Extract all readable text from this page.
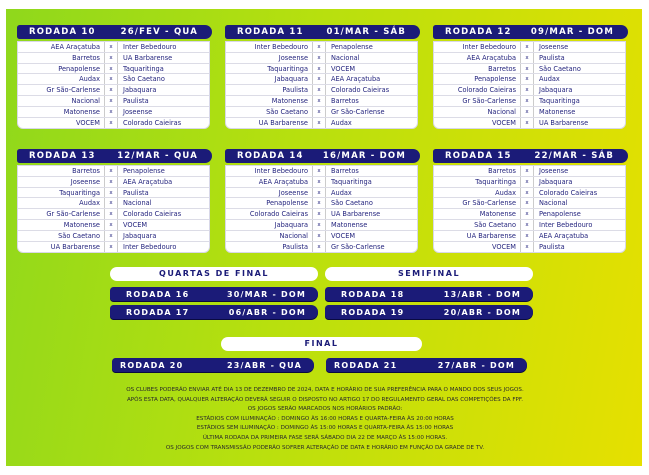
RODADA 10	26/FEV - QUA
AEA Araçatuba	x	Inter Bebedouro
Barretos	x	UA Barbarense
Penapolense	x	Taquaritinga
Audax	x	São Caetano
Gr São-Carlense	x	Jabaquara
Nacional	x	Paulista
Matonense	x	Joseense
VOCEM	x	Colorado Caieiras
RODADA 11	01/MAR - SÁB
Inter Bebedouro	x	Penapolense
Joseense	x	Nacional
Taquaritinga	x	VOCEM
Jabaquara	x	AEA Araçatuba
Paulista	x	Colorado Caieiras
Matonense	x	Barretos
São Caetano	x	Gr São-Carlense
UA Barbarense	x	Audax
RODADA 12 09/MAR - DOM
Inter Bebedouro	x	Joseense
AEA Araçatuba	x	Paulista
Barretos	x	São Caetano
Penapolense	x	Audax
Colorado Caieiras	x	Jabaquara
Gr São-Carlense	x	Taquaritinga
Nacional	x	Matonense
VOCEM	x	UA Barbarense
RODADA 13	12/MAR - QUA
Barretos	x	Penapolense
Joseense	x	AEA Araçatuba
Taquaritinga	x	Paulista
Audax	x	Nacional
Gr São-Carlense	x	Colorado Caieiras
Matonense	x	VOCEM
São Caetano	x	Jabaquara
UA Barbarense	x	Inter Bebedouro
RODADA 14 16/MAR - DOM
Inter Bebedouro	x	Barretos
AEA Araçatuba	x	Taquaritinga
Joseense	x	Audax
Penapolense	x	São Caetano
Colorado Caieiras	x	UA Barbarense
Jabaquara	x	Matonense
Nacional	x	VOCEM
Paulista	x	Gr São-Carlense
RODADA 15	22/MAR - SÁB
Barretos	x	Joseense
Taquaritinga	x	Jabaquara
Audax	x	Colorado Caieiras
Gr São-Carlense	x	Nacional
Matonense	x	Penapolense
São Caetano	x	Inter Bebedouro
UA Barbarense	x	AEA Araçatuba
VOCEM	x	Paulista
QUARTAS DE FINAL
RODADA 16	30/MAR - DOM
RODADA 17	06/ABR - DOM
SEMIFINAL
RODADA 18	13/ABR - DOM
RODADA 19	20/ABR - DOM
FINAL
RODADA 20	23/ABR - QUA	RODADA 21	27/ABR - DOM
OS CLUBES PODERÃO ENVIAR ATÉ DIA 13 DE DEZEMBRO DE 2024, DATA E HORÁRIO DE SUA PREFERÊNCIA PARA O MANDO DOS SEUS JOGOS.
APÓS ESTA DATA, QUALQUER ALTERAÇÃO DEVERÁ SEGUIR O DISPOSTO NO ARTIGO 17 DO REGULAMENTO GERAL DAS COMPETIÇÕES DA FPF.
OS JOGOS SERÃO MARCADOS NOS HORÁRIOS PADRÃO:
ESTÁDIOS COM ILUMINAÇÃO : DOMINGO ÀS 16:00 HORAS E QUARTA-FEIRA ÀS 20:00 HORAS
ESTÁDIOS SEM ILUMINAÇÃO : DOMINGO ÀS 15:00 HORAS E QUARTA-FEIRA ÀS 15:00 HORAS
ÚLTIMA RODADA DA PRIMEIRA FASE SERÁ SÁBADO DIA 22 DE MARÇO ÀS 15:00 HORAS.
OS JOGOS COM TRANSMISSÃO PODERÃO SOFRER ALTERAÇÃO DE DATA E HORÁRIO EM FUNÇÃO DA GRADE DE TV.
